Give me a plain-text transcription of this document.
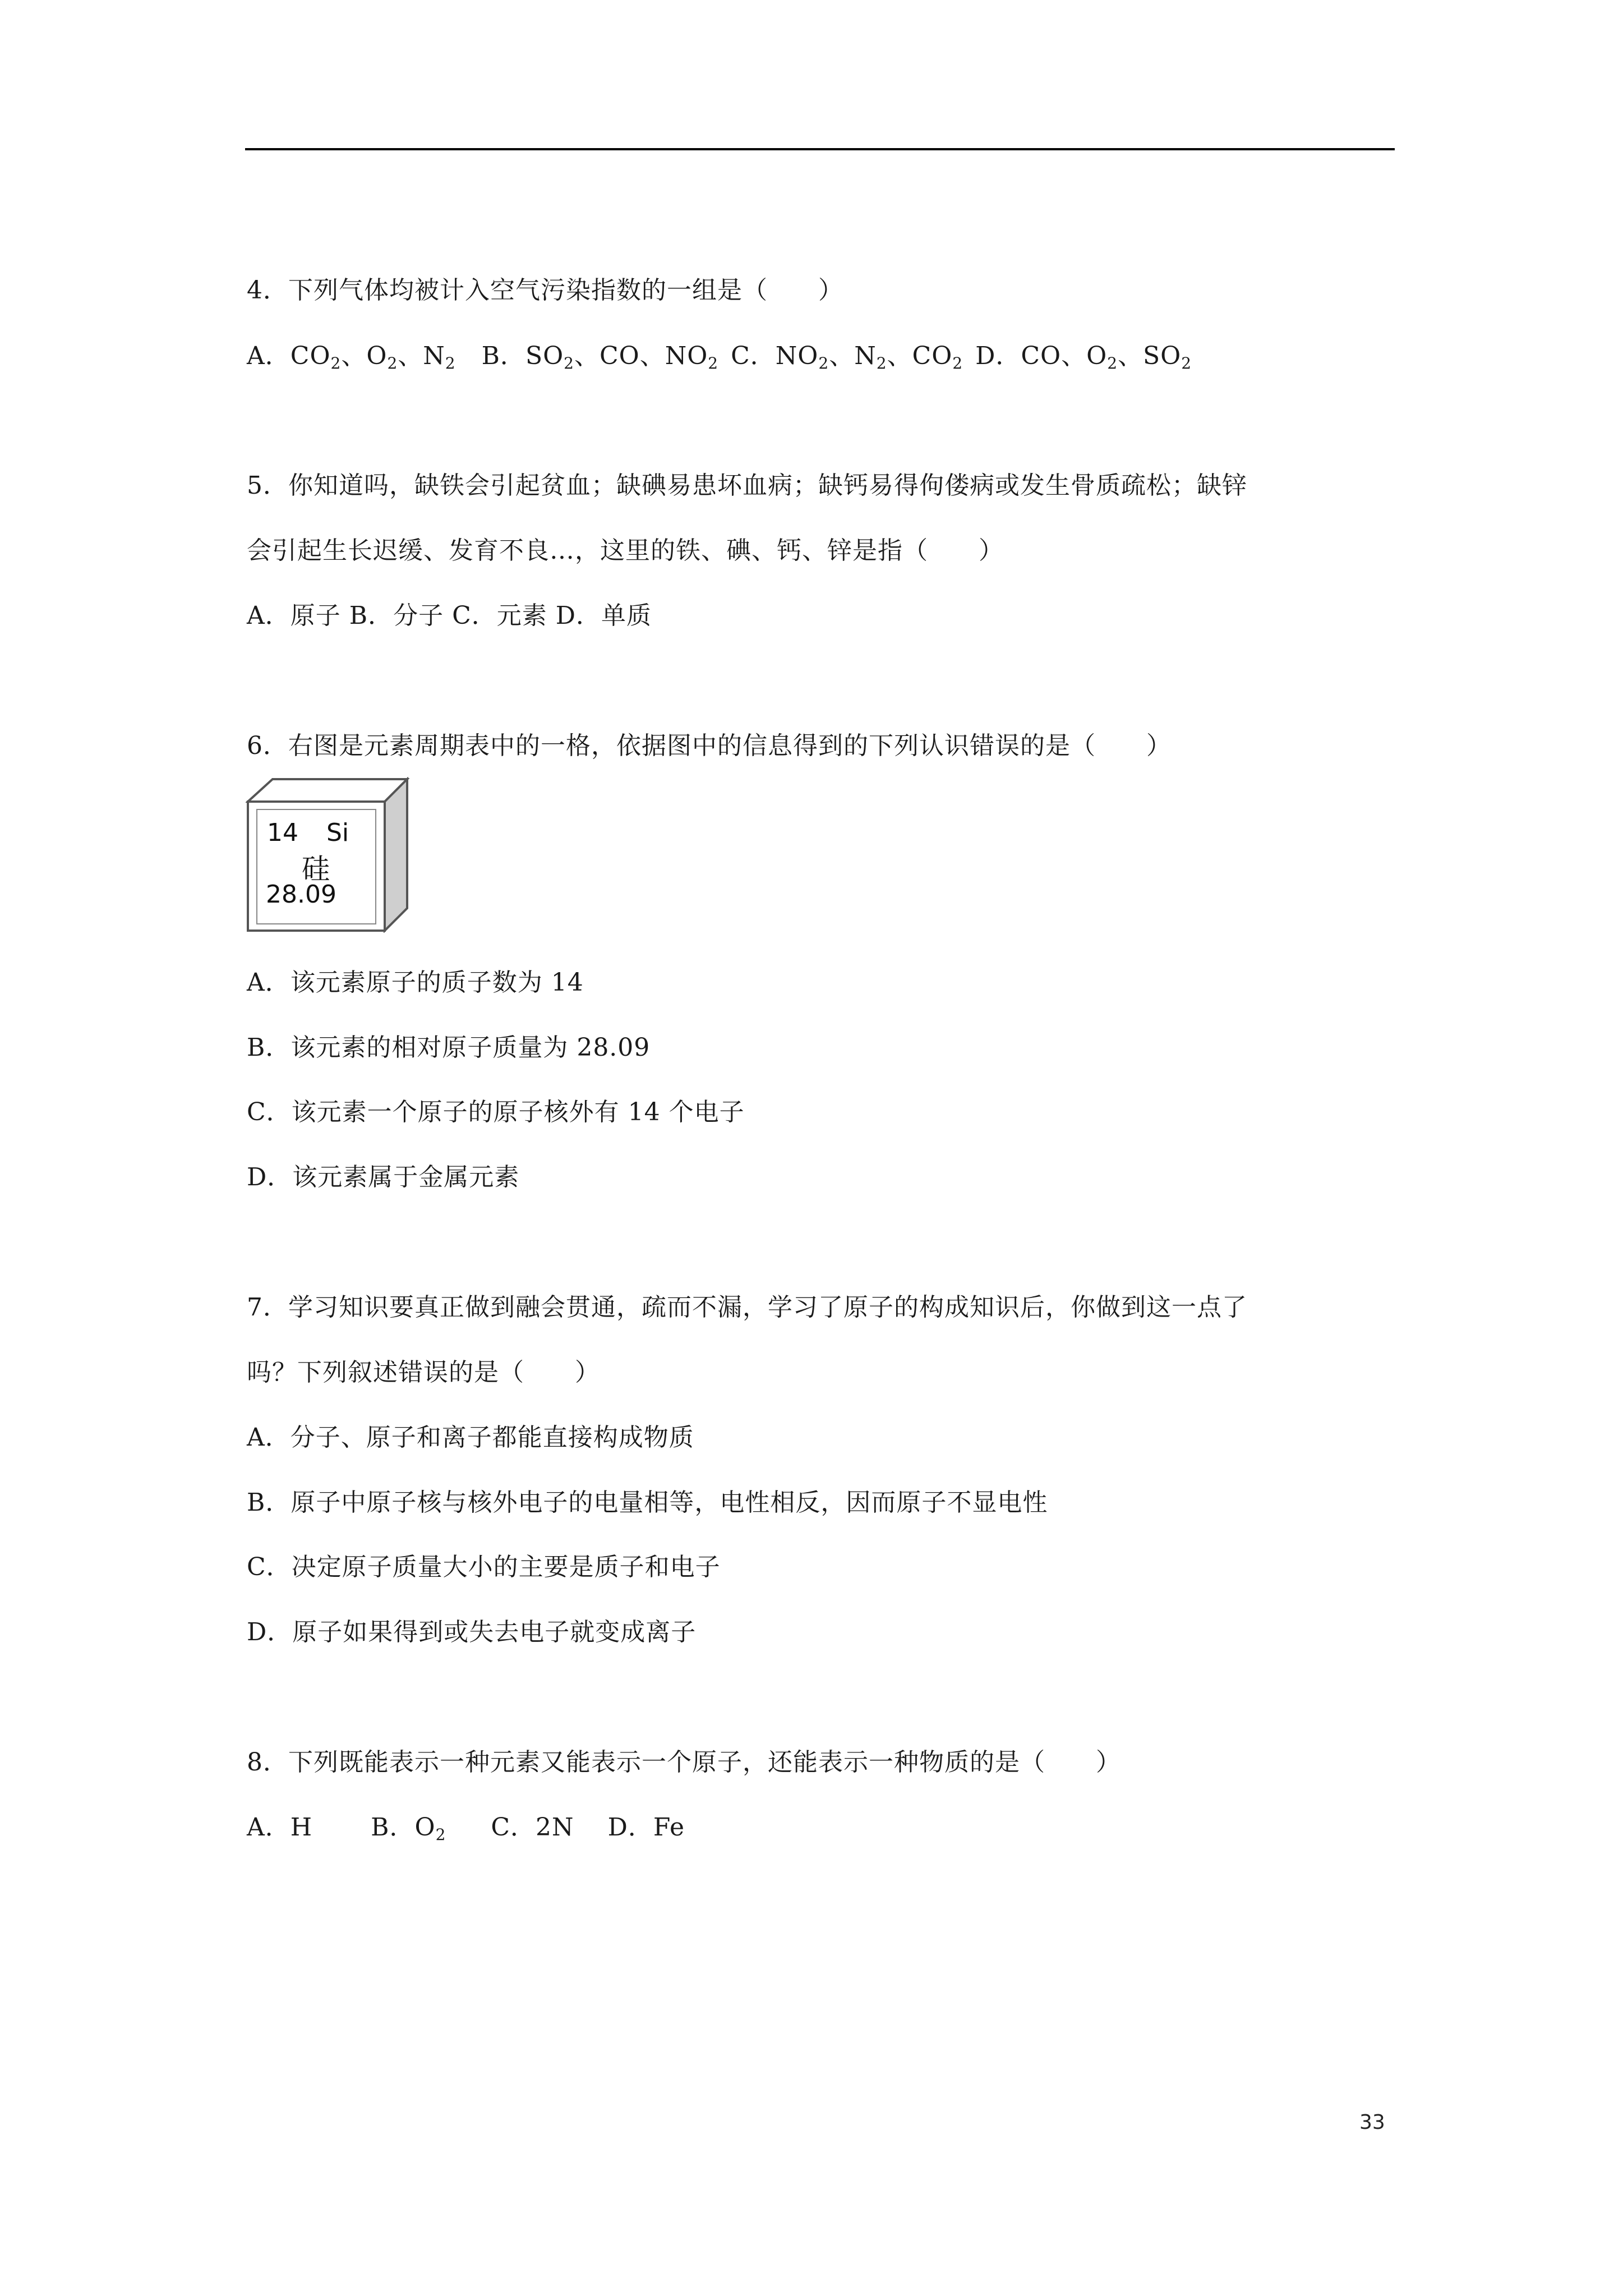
4．下列气体均被计入空气污染指数的一组是（　　）
A．$CO_2$、$O_2$、$N_2$ B．$SO_2$、CO、$NO_2$ C．$NO_2$、$N_2$、$CO_2$ D．CO、$O_2$、$SO_2$
5．你知道吗，缺铁会引起贫血；缺碘易患坏血病；缺钙易得佝偻病或发生骨质疏松；缺锌
会引起生长迟缓、发育不良…，这里的铁、碘、钙、锌是指（　　）
A．原子 B．分子 C．元素 D．单质
6．右图是元素周期表中的一格，依据图中的信息得到的下列认识错误的是（　　）
14 Si
硅
28.09
A．该元素原子的质子数为 14
B．该元素的相对原子质量为 28.09
C．该元素一个原子的原子核外有 14 个电子
D．该元素属于金属元素
7．学习知识要真正做到融会贯通，疏而不漏，学习了原子的构成知识后，你做到这一点了
吗？下列叙述错误的是（　　）
A．分子、原子和离子都能直接构成物质
B．原子中原子核与核外电子的电量相等，电性相反，因而原子不显电性
C．决定原子质量大小的主要是质子和电子
D．原子如果得到或失去电子就变成离子
8．下列既能表示一种元素又能表示一个原子，还能表示一种物质的是（　　）
A．H B．$O_2$ C．2N D．Fe
33
